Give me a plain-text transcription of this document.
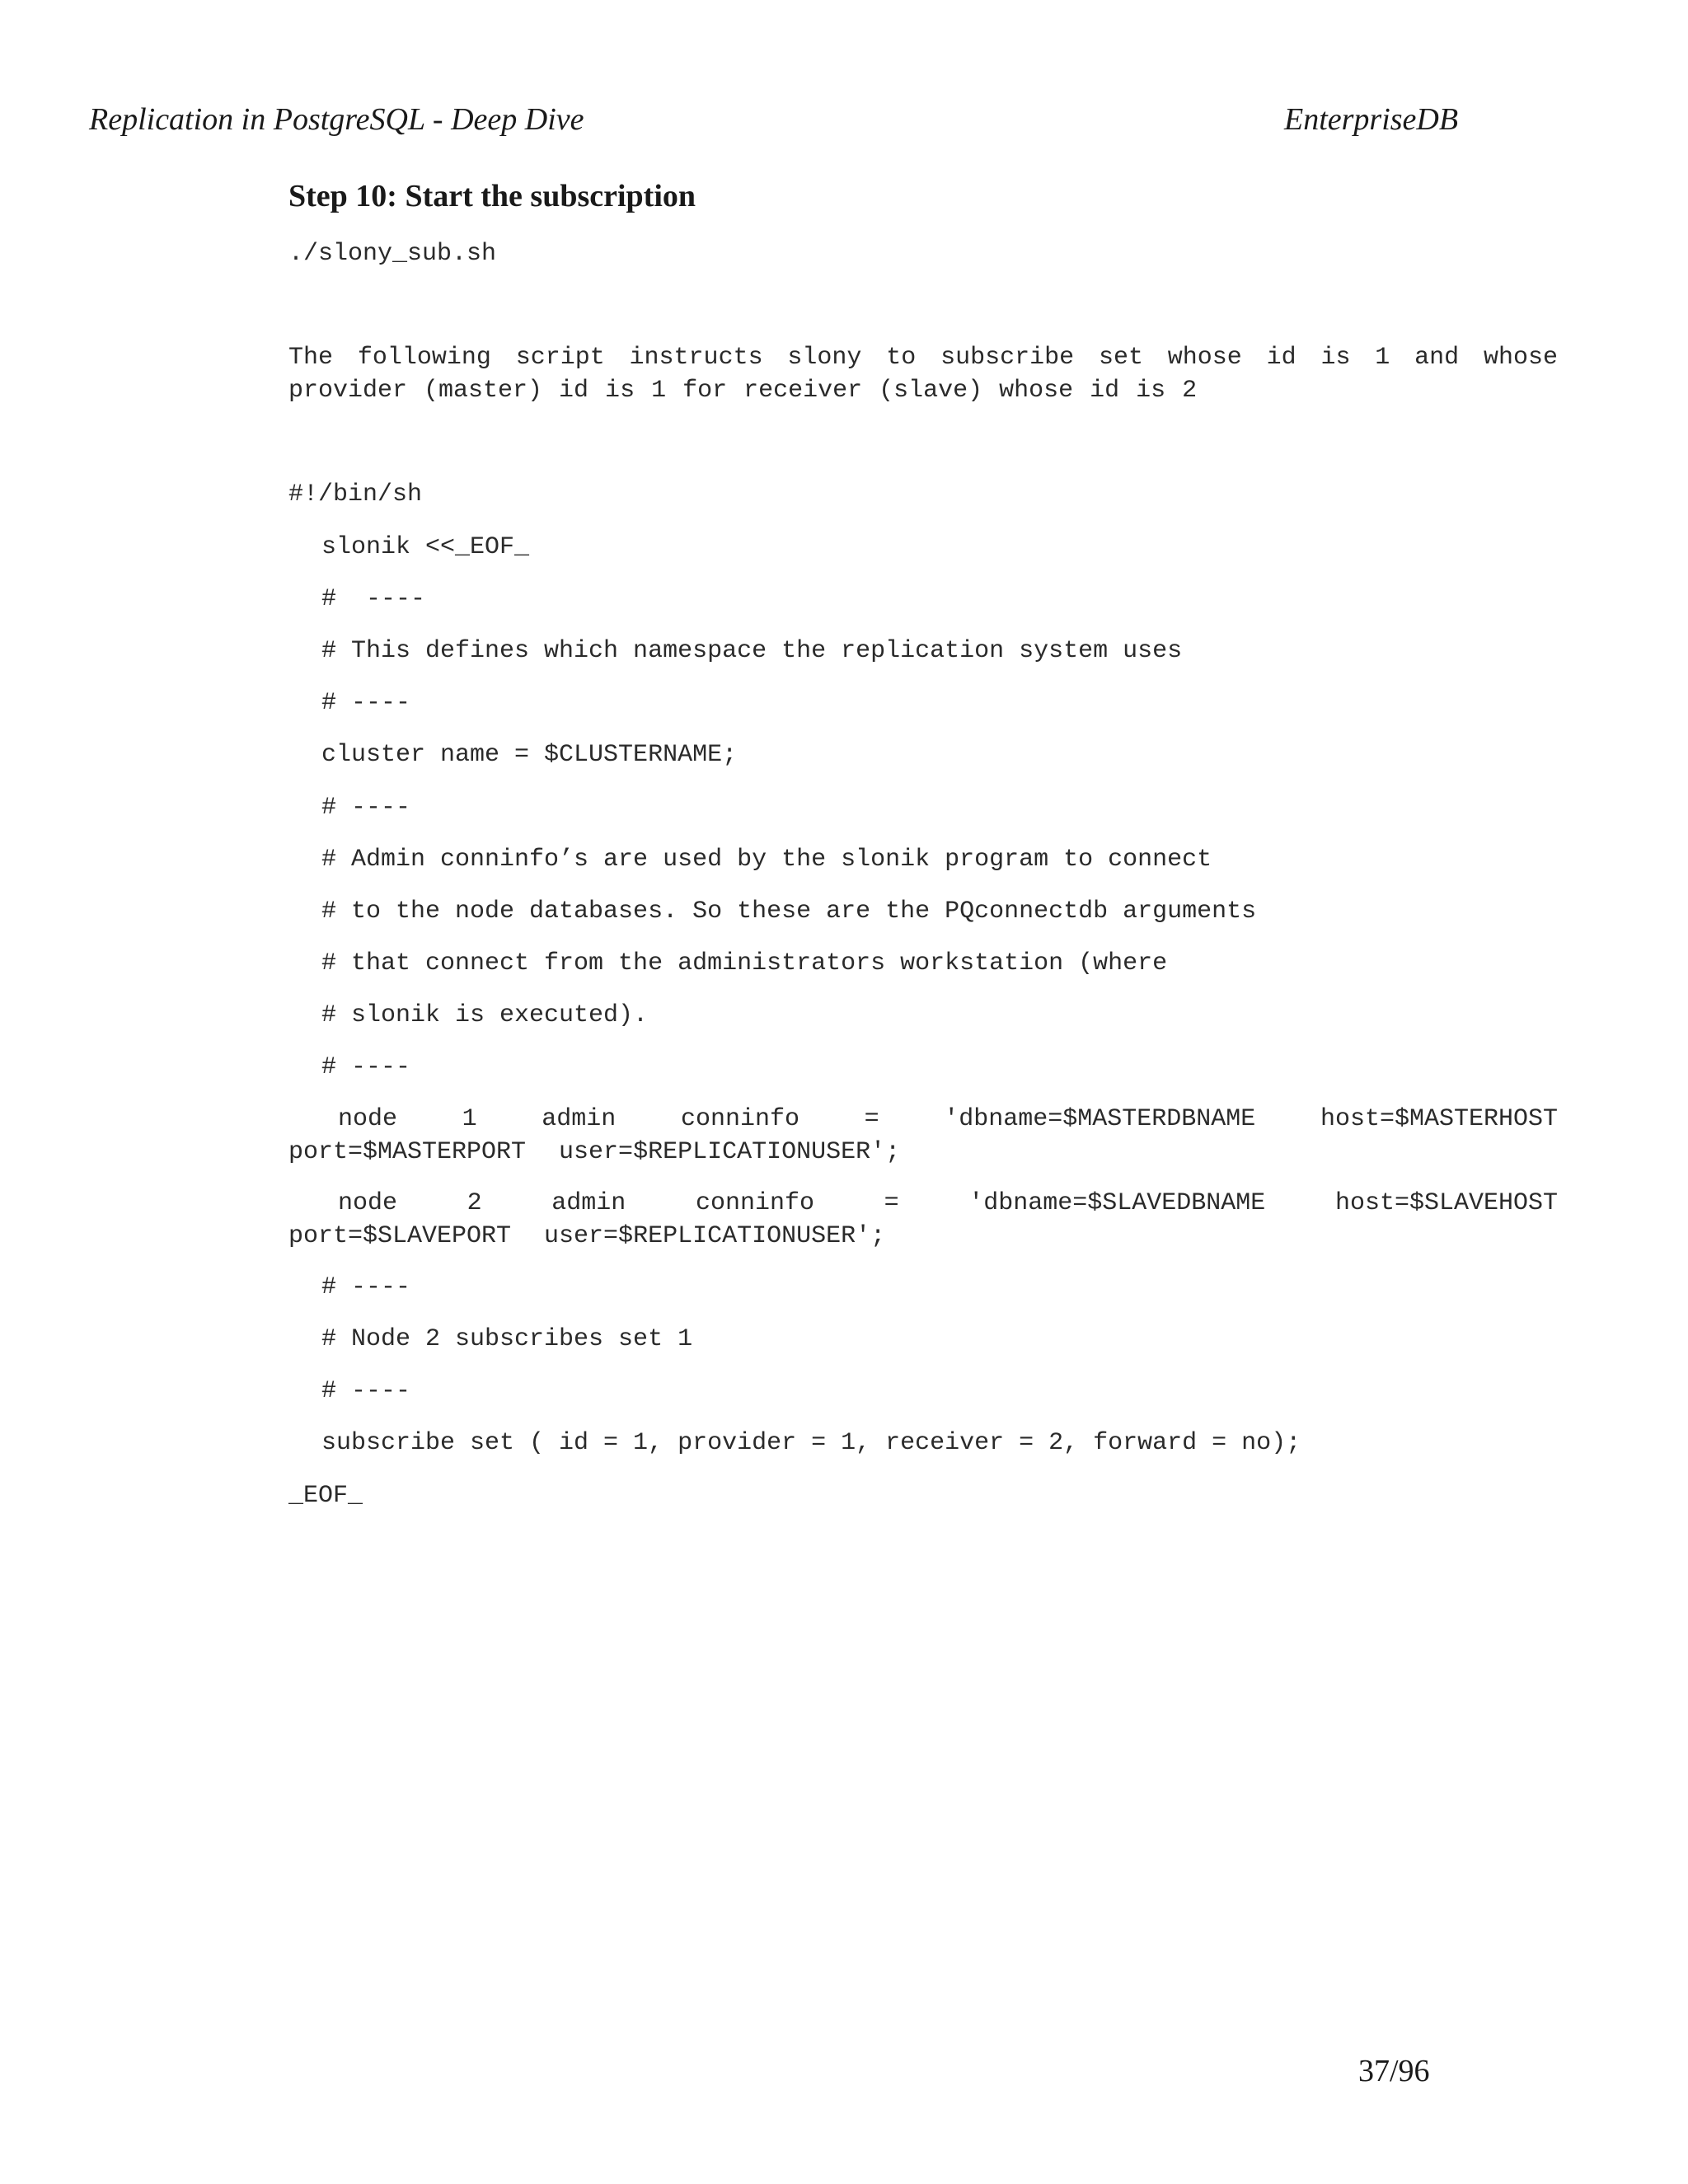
Replication in PostgreSQL - Deep Dive	EnterpriseDB
Step 10: Start the subscription
./slony_sub.sh
The following script instructs slony to subscribe set whose id is 1 and whose provider (master) id is 1 for receiver (slave) whose id is 2
#!/bin/sh
slonik <<_EOF_
#  ----
# This defines which namespace the replication system uses
# ----
cluster name = $CLUSTERNAME;
# ----
# Admin conninfo’s are used by the slonik program to connect
# to the node databases. So these are the PQconnectdb arguments
# that connect from the administrators workstation (where
# slonik is executed).
# ----
node 1 admin conninfo = 'dbname=$MASTERDBNAME host=$MASTERHOST port=$MASTERPORT user=$REPLICATIONUSER';
node 2 admin conninfo = 'dbname=$SLAVEDBNAME host=$SLAVEHOST port=$SLAVEPORT user=$REPLICATIONUSER';
# ----
# Node 2 subscribes set 1
# ----
subscribe set ( id = 1, provider = 1, receiver = 2, forward = no);
_EOF_
37/96
